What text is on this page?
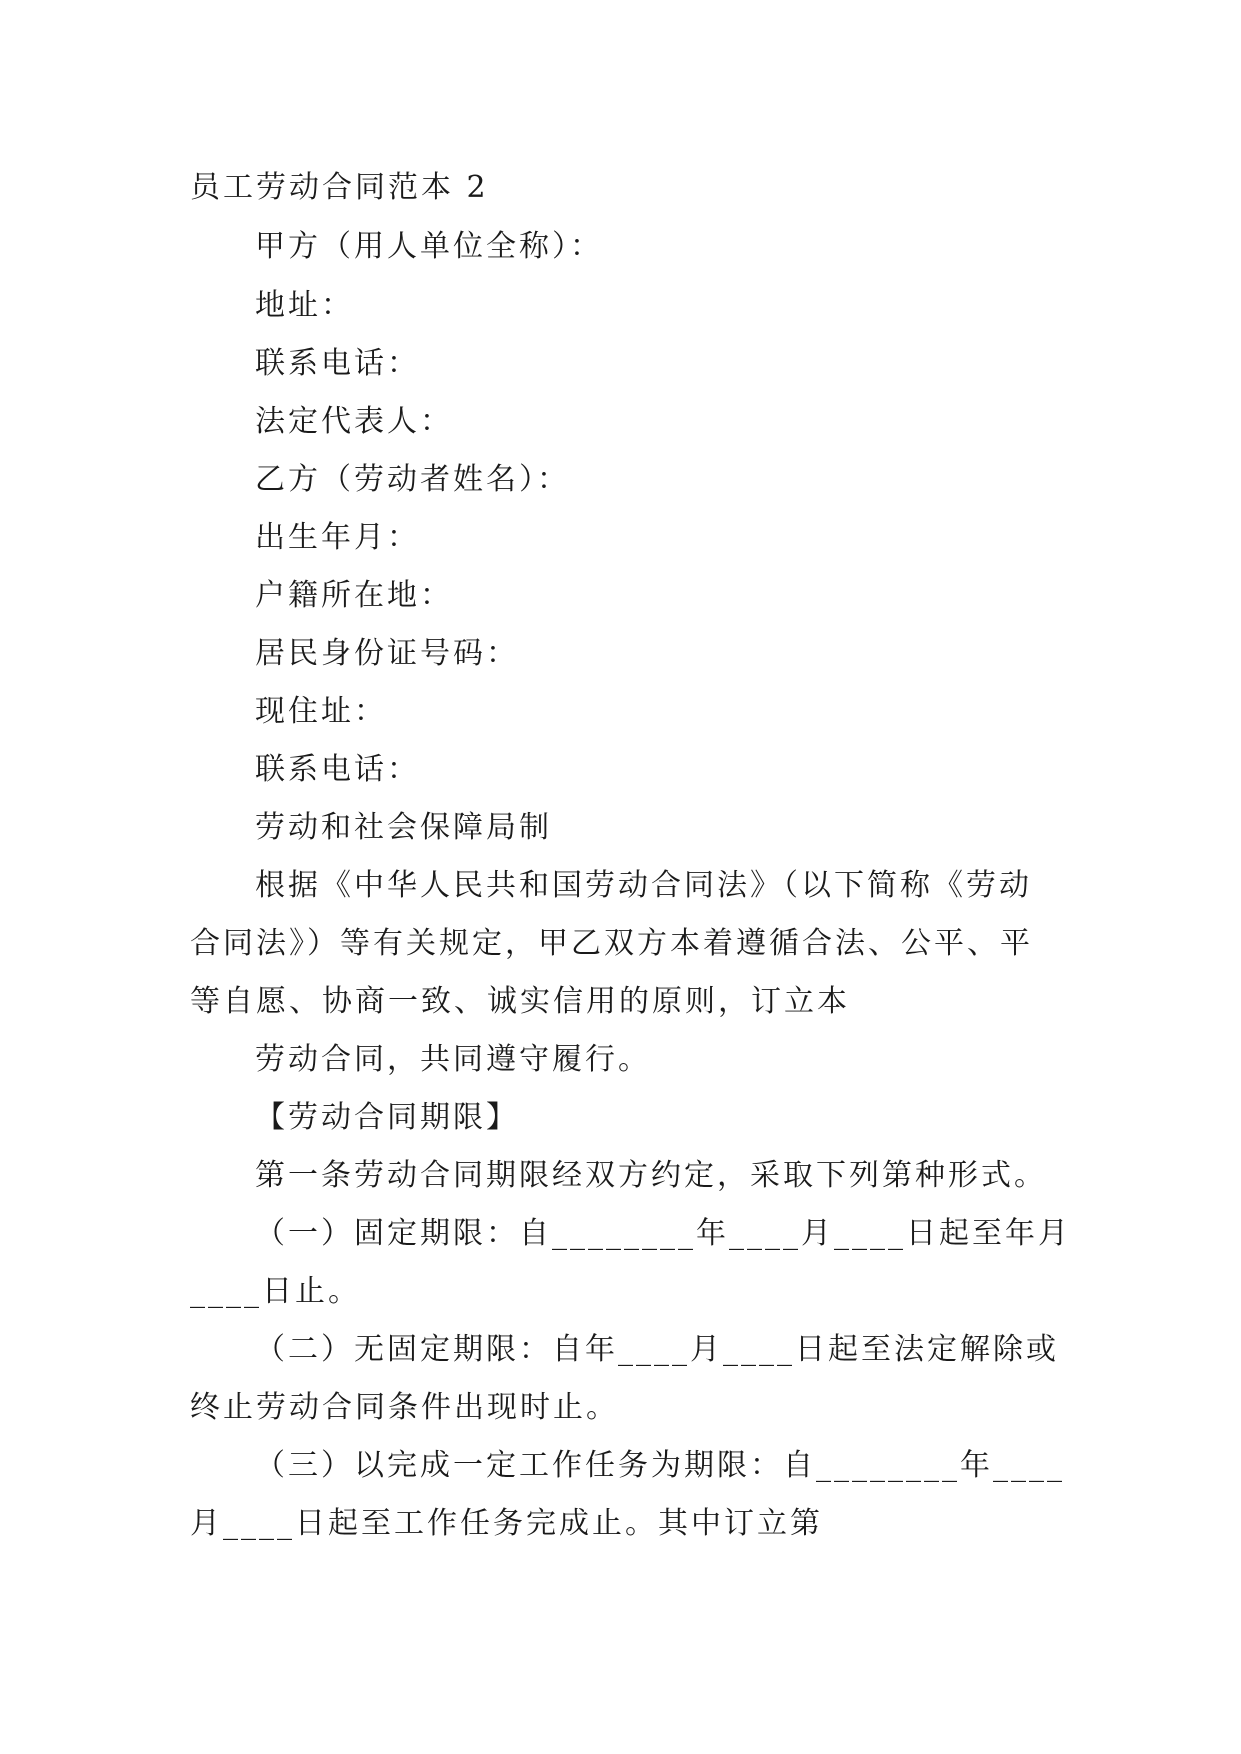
员工劳动合同范本 2
甲方（用人单位全称）：
地址：
联系电话：
法定代表人：
乙方（劳动者姓名）：
出生年月：
户籍所在地：
居民身份证号码：
现住址：
联系电话：
劳动和社会保障局制
根据《中华人民共和国劳动合同法》（以下简称《劳动
合同法》）等有关规定，甲乙双方本着遵循合法、公平、平
等自愿、协商一致、诚实信用的原则，订立本
劳动合同，共同遵守履行。
【劳动合同期限】
第一条劳动合同期限经双方约定，采取下列第种形式。
（一）固定期限：自________年____月____日起至年月
____日止。
（二）无固定期限：自年____月____日起至法定解除或
终止劳动合同条件出现时止。
（三）以完成一定工作任务为期限：自________年____
月____日起至工作任务完成止。其中订立第
